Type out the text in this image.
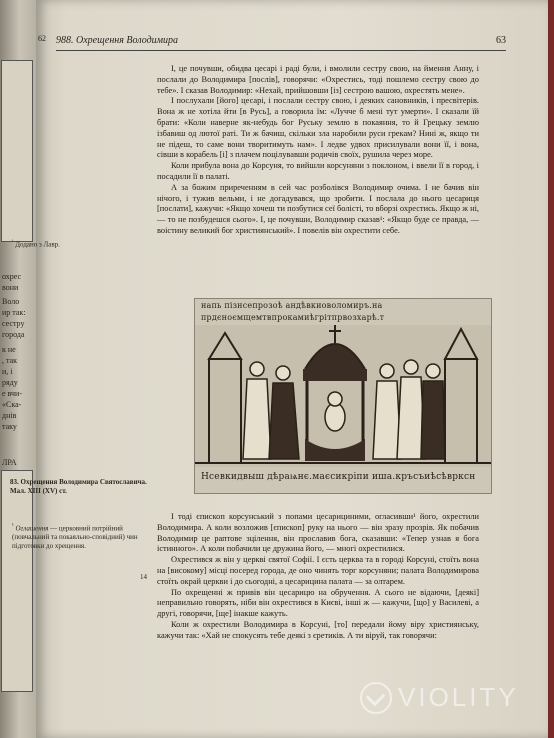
охрес
вони
Воло
ир так:
сестру
города
к не
, так
и, і
ряду
е вчи-
«Ска-
днів
таку
ЛРА
62 988. Охрещення Володимира	63
$^{^1}$ Додано з Лавр.

І, це почувши, обидва цесарі і раді були, і вмолили сестру свою, на ймення Анну, і послали до Володимира [послів], говорячи: «Охрестись, тоді пошлемо сестру свою до тебе». І сказав Володимир: «Нехай, прийшовши [із] сестрою вашою, охрестять мене».

І послухали [його] цесарі, і послали сестру свою, і деяких сановників, і пресвітерів. Вона ж не хотіла йти [в Русь], а говорила їм: «Лучче б мені тут умерти». І сказали їй брати: «Коли наверне як-небудь бог Руську землю в покаяння, то й Грецьку землю ізбавиш од лютої раті. Ти ж бачиш, скільки зла наробили руси грекам? Нині ж, якщо ти не підеш, то саме вони творитимуть нам». І ледве удвох присилували вони її, і вона, сівши в корабель [і] з плачем поцілувавши родичів своїх, рушила через море.

Коли прибула вона до Корсуня, то вийшли корсуняни з поклоном, і ввели її в город, і посадили її в палаті.

А за божим приреченням в сей час розболівся Володимир очима. І не бачив він нічого, і тужив вельми, і не догадувався, що зробити. І послала до нього цесариця [послати], кажучи: «Якщо хочеш ти позбутися сеї болісті, то вборзі охрестись. Якщо ж ні, — то не позбудешся сього». І, це почувши, Володимир сказав¹: «Якщо буде се правда, — воістину великий бог християнський». І повелів він охрестити себе.

напь пізнсепрозоѣ андѣвкиоволомиръ.на
прдєноємщемтвпрокамиѣгрітпрвозхарѣ.т
Нсевкидвыш дѣраѩнє.маєсикріпи иша.кръсъиѣсѣврксн
83. Охрещення Володимира Святославича. Мал. XIII (XV) ст.
$^{^1}$ Оглашення — церковний потрійний (повчальний та покаяльно-сповідний) чин підготовки до хрещення.
14

І тоді єпископ корсунський з попами цесарициними, огласивши¹ його, охрестили Володимира. А коли возложив [єпископ] руку на нього — він зразу прозрів. Як побачив Володимир це раптове зцілення, він прославив бога, сказавши: «Тепер узнав я бога істинного». А коли побачили це дружина його, — многі охрестилися.

Охрестився ж він у церкві святої Софії. І єсть церква та в городі Корсуні, стоїть вона на [високому] місці посеред города, де оно чинять торг корсуняни; палата Володимирова стоїть окрай церкви і до сьогодні, а цесарицина палата — за олтарем.

По охрещенні ж привів він цесарицю на обручення. А сього не відаючи, [деякі] неправильно говорять, ніби він охрестився в Києві, інші ж — кажучи, [що] у Василеві, а другі, говорячи, [ще] інакше кажуть.

Коли ж охрестили Володимира в Корсуні, [то] передали йому віру християнську, кажучи так: «Хай не спокусять тебе деякі з єретиків. А ти віруй, так говорячи:

VIOLITY
